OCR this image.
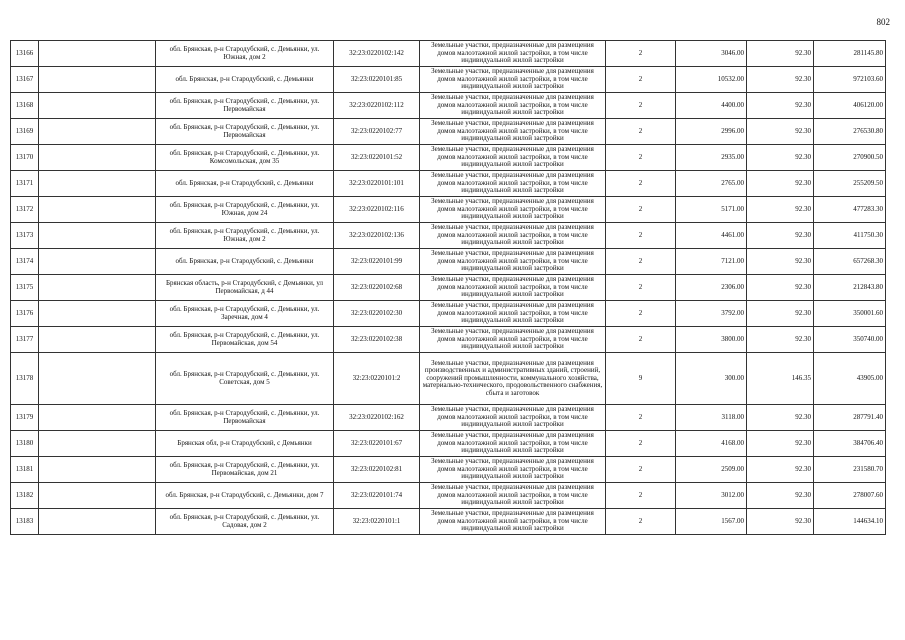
802
13166		обл. Брянская, р-н Стародубский, с. Демьянки, ул. Южная, дом 2	32:23:0220102:142	Земельные участки, предназначенные для размещения домов малоэтажной жилой застройки, в том числе индивидуальной жилой застройки	2	3046.00	92.30	281145.80
13167		обл. Брянская, р-н Стародубский, с. Демьянки	32:23:0220101:85	Земельные участки, предназначенные для размещения домов малоэтажной жилой застройки, в том числе индивидуальной жилой застройки	2	10532.00	92.30	972103.60
13168		обл. Брянская, р-н Стародубский, с. Демьянки, ул. Первомайская	32:23:0220102:112	Земельные участки, предназначенные для размещения домов малоэтажной жилой застройки, в том числе индивидуальной жилой застройки	2	4400.00	92.30	406120.00
13169		обл. Брянская, р-н Стародубский, с. Демьянки, ул. Первомайская	32:23:0220102:77	Земельные участки, предназначенные для размещения домов малоэтажной жилой застройки, в том числе индивидуальной жилой застройки	2	2996.00	92.30	276530.80
13170		обл. Брянская, р-н Стародубский, с. Демьянки, ул. Комсомольская, дом 35	32:23:0220101:52	Земельные участки, предназначенные для размещения домов малоэтажной жилой застройки, в том числе индивидуальной жилой застройки	2	2935.00	92.30	270900.50
13171		обл. Брянская, р-н Стародубский, с. Демьянки	32:23:0220101:101	Земельные участки, предназначенные для размещения домов малоэтажной жилой застройки, в том числе индивидуальной жилой застройки	2	2765.00	92.30	255209.50
13172		обл. Брянская, р-н Стародубский, с. Демьянки, ул. Южная, дом 24	32:23:0220102:116	Земельные участки, предназначенные для размещения домов малоэтажной жилой застройки, в том числе индивидуальной жилой застройки	2	5171.00	92.30	477283.30
13173		обл. Брянская, р-н Стародубский, с. Демьянки, ул. Южная, дом 2	32:23:0220102:136	Земельные участки, предназначенные для размещения домов малоэтажной жилой застройки, в том числе индивидуальной жилой застройки	2	4461.00	92.30	411750.30
13174		обл. Брянская, р-н Стародубский, с. Демьянки	32:23:0220101:99	Земельные участки, предназначенные для размещения домов малоэтажной жилой застройки, в том числе индивидуальной жилой застройки	2	7121.00	92.30	657268.30
13175		Брянская область, р-н Стародубский, с Демьянки, ул Первомайская, д 44	32:23:0220102:68	Земельные участки, предназначенные для размещения домов малоэтажной жилой застройки, в том числе индивидуальной жилой застройки	2	2306.00	92.30	212843.80
13176		обл. Брянская, р-н Стародубский, с. Демьянки, ул. Заречная, дом 4	32:23:0220102:30	Земельные участки, предназначенные для размещения домов малоэтажной жилой застройки, в том числе индивидуальной жилой застройки	2	3792.00	92.30	350001.60
13177		обл. Брянская, р-н Стародубский, с. Демьянки, ул. Первомайская, дом 54	32:23:0220102:38	Земельные участки, предназначенные для размещения домов малоэтажной жилой застройки, в том числе индивидуальной жилой застройки	2	3800.00	92.30	350740.00
13178		обл. Брянская, р-н Стародубский, с. Демьянки, ул. Советская, дом 5	32:23:0220101:2	Земельные участки, предназначенные для размещения производственных и административных зданий, строений, сооружений промышленности, коммунального хозяйства, материально-технического, продовольственного снабжения, сбыта и заготовок	9	300.00	146.35	43905.00
13179		обл. Брянская, р-н Стародубский, с. Демьянки, ул. Первомайская	32:23:0220102:162	Земельные участки, предназначенные для размещения домов малоэтажной жилой застройки, в том числе индивидуальной жилой застройки	2	3118.00	92.30	287791.40
13180		Брянская обл, р-н Стародубский, с Демьянки	32:23:0220101:67	Земельные участки, предназначенные для размещения домов малоэтажной жилой застройки, в том числе индивидуальной жилой застройки	2	4168.00	92.30	384706.40
13181		обл. Брянская, р-н Стародубский, с. Демьянки, ул. Первомайская, дом 21	32:23:0220102:81	Земельные участки, предназначенные для размещения домов малоэтажной жилой застройки, в том числе индивидуальной жилой застройки	2	2509.00	92.30	231580.70
13182		обл. Брянская, р-н Стародубский, с. Демьянки, дом 7	32:23:0220101:74	Земельные участки, предназначенные для размещения домов малоэтажной жилой застройки, в том числе индивидуальной жилой застройки	2	3012.00	92.30	278007.60
13183		обл. Брянская, р-н Стародубский, с. Демьянки, ул. Садовая, дом 2	32:23:0220101:1	Земельные участки, предназначенные для размещения домов малоэтажной жилой застройки, в том числе индивидуальной жилой застройки	2	1567.00	92.30	144634.10
